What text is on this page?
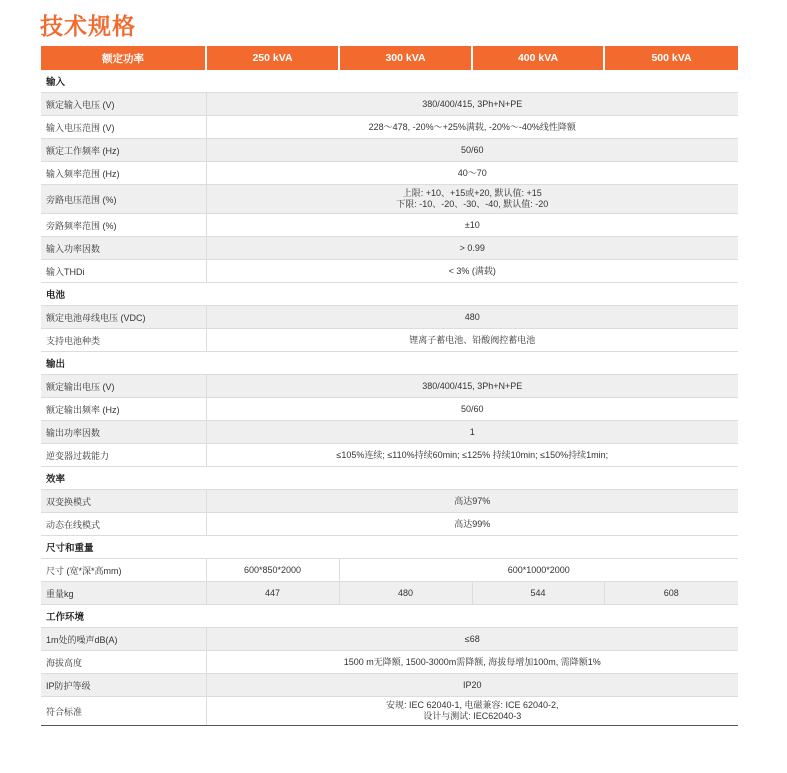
技术规格
额定功率	250 kVA	300 kVA	400 kVA	500 kVA
输入				
额定输入电压 (V)	380/400/415, 3Ph+N+PE			
输入电压范围 (V)	228～478, -20%～+25%满载, -20%～-40%线性降额			
额定工作频率 (Hz)	50/60			
输入频率范围 (Hz)	40～70			
旁路电压范围 (%)	上限: +10、+15或+20, 默认值: +15
下限: -10、-20、-30、-40, 默认值: -20			

旁路频率范围 (%)	±10			
输入功率因数	> 0.99			
输入THDi	< 3% (满载)			
电池				
额定电池母线电压 (VDC)	480			
支持电池种类	锂离子蓄电池、铅酸阀控蓄电池			
输出				
额定输出电压 (V)	380/400/415, 3Ph+N+PE			
额定输出频率 (Hz)	50/60			
输出功率因数	1			
逆变器过载能力	≤105%连续; ≤110%持续60min; ≤125% 持续10min; ≤150%持续1min;			
效率				
双变换模式	高达97%			
动态在线模式	高达99%			
尺寸和重量				
尺寸 (宽*深*高mm)	600*850*2000	600*1000*2000		
重量kg	447	480	544	608
工作环境				
1m处的噪声dB(A)	≤68			
海拔高度	1500 m无降额, 1500-3000m需降额, 海拔每增加100m, 需降额1%			
IP防护等级	IP20			
符合标准	安规: IEC 62040-1, 电磁兼容: ICE 62040-2,
设计与测试: IEC62040-3			
